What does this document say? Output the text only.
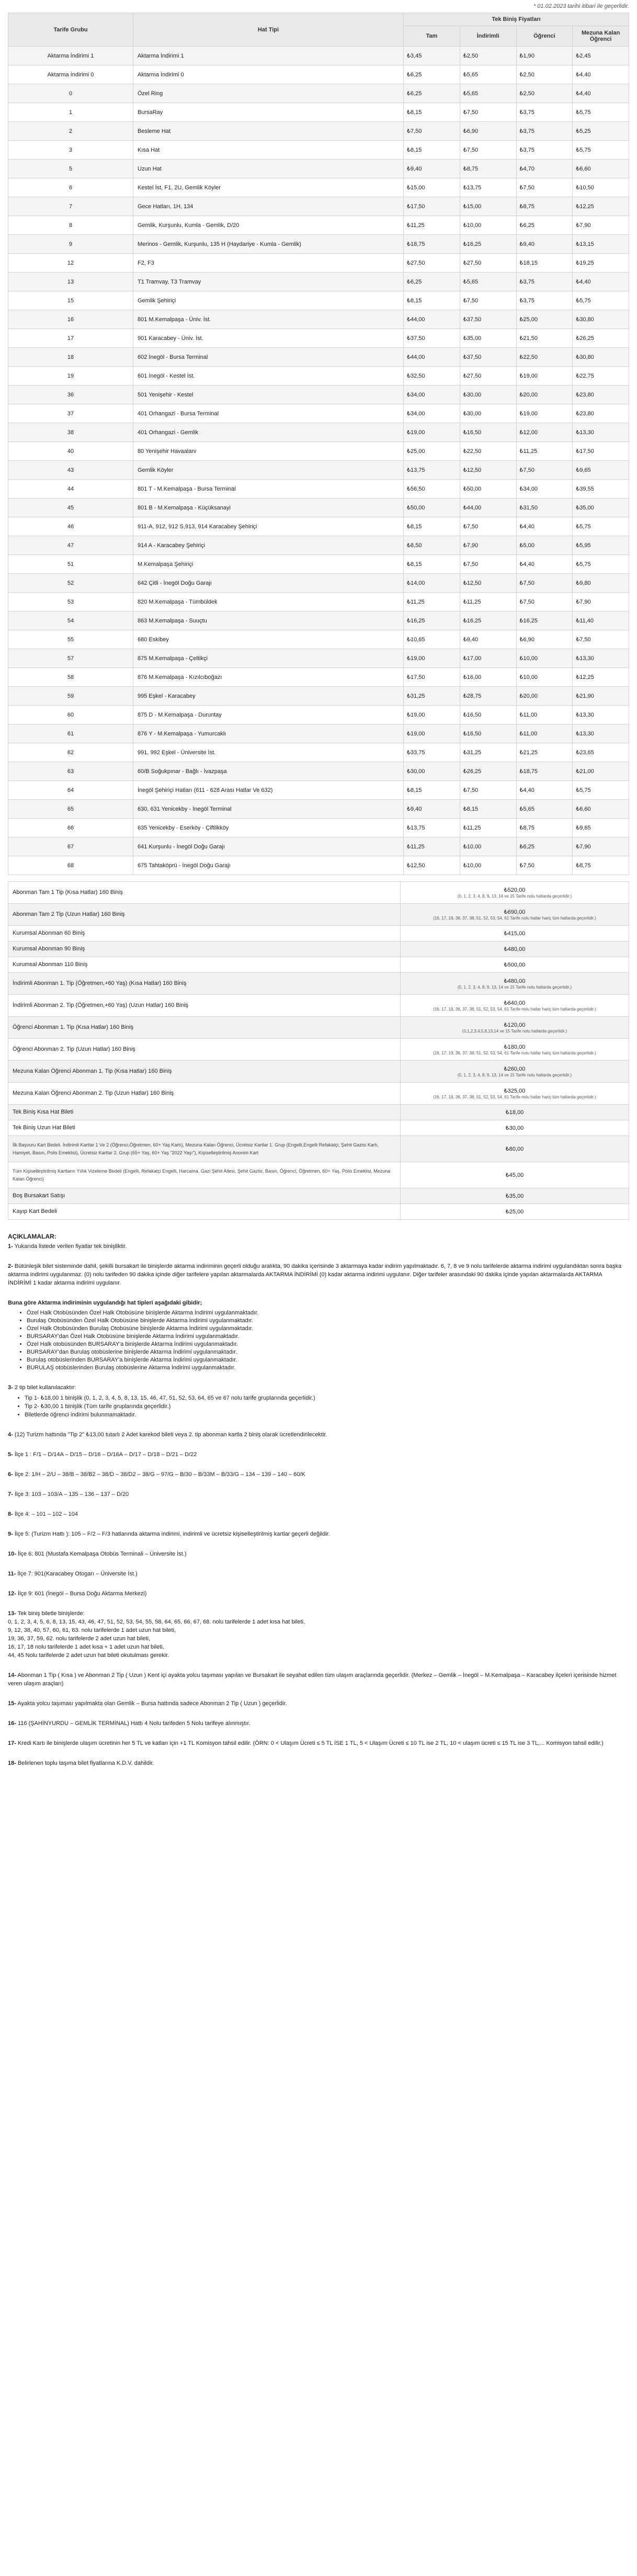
* 01.02.2023 tarihi itibari ile geçerlidir.
Tarife Grubu	Hat Tipi	Tek Biniş Fiyatları			
		Tam	İndirimli	Öğrenci	Mezuna Kalan Öğrenci
Aktarma İndirimi 1	Aktarma İndirimi 1	₺3,45	₺2,50	₺1,90	₺2,45
Aktarma İndirimi 0	Aktarma İndirimi 0	₺6,25	₺5,65	₺2,50	₺4,40
0	Özel Ring	₺6,25	₺5,65	₺2,50	₺4,40
1	BursaRay	₺8,15	₺7,50	₺3,75	₺5,75
2	Besleme Hat	₺7,50	₺6,90	₺3,75	₺5,25
3	Kısa Hat	₺8,15	₺7,50	₺3,75	₺5,75
5	Uzun Hat	₺9,40	₺8,75	₺4,70	₺6,60
6	Kestel İst, F1, 2U, Gemlik Köyler	₺15,00	₺13,75	₺7,50	₺10,50
7	Gece Hatları, 1H, 134	₺17,50	₺15,00	₺8,75	₺12,25
8	Gemlik, Kurşunlu, Kumla - Gemlik, D/20	₺11,25	₺10,00	₺6,25	₺7,90
9	Merinos - Gemlik, Kurşunlu, 135 H (Haydariye - Kumla - Gemlik)	₺18,75	₺16,25	₺9,40	₺13,15
12	F2, F3	₺27,50	₺27,50	₺18,15	₺19,25
13	T1 Tramvay, T3 Tramvay	₺6,25	₺5,65	₺3,75	₺4,40
15	Gemlik Şehiriçi	₺8,15	₺7,50	₺3,75	₺5,75
16	801 M.Kemalpaşa - Üniv. İst.	₺44,00	₺37,50	₺25,00	₺30,80
17	901 Karacabey - Üniv. İst.	₺37,50	₺35,00	₺21,50	₺26,25
18	602 İnegöl - Bursa Terminal	₺44,00	₺37,50	₺22,50	₺30,80
19	601 İnegöl - Kestel İst.	₺32,50	₺27,50	₺19,00	₺22,75
36	501 Yenişehir - Kestel	₺34,00	₺30,00	₺20,00	₺23,80
37	401 Orhangazi - Bursa Terminal	₺34,00	₺30,00	₺19,00	₺23,80
38	401 Orhangazi - Gemlik	₺19,00	₺16,50	₺12,00	₺13,30
40	80 Yenişehir Havaalanı	₺25,00	₺22,50	₺11,25	₺17,50
43	Gemlik Köyler	₺13,75	₺12,50	₺7,50	₺9,65
44	801 T - M.Kemalpaşa - Bursa Terminal	₺56,50	₺50,00	₺34,00	₺39,55
45	801 B - M.Kemalpaşa - Küçüksanayi	₺50,00	₺44,00	₺31,50	₺35,00
46	911-A, 912, 912 S,913, 914 Karacabey Şehiriçi	₺8,15	₺7,50	₺4,40	₺5,75
47	914 A - Karacabey Şehiriçi	₺8,50	₺7,90	₺5,00	₺5,95
51	M.Kemalpaşa Şehiriçi	₺8,15	₺7,50	₺4,40	₺5,75
52	642 Çitli - İnegöl Doğu Garajı	₺14,00	₺12,50	₺7,50	₺9,80
53	820 M.Kemalpaşa - Tümbüldek	₺11,25	₺11,25	₺7,50	₺7,90
54	863 M.Kemalpaşa - Suuçtu	₺16,25	₺16,25	₺16,25	₺11,40
55	680 Eskibey	₺10,65	₺9,40	₺6,90	₺7,50
57	875 M.Kemalpaşa - Çeltikçi	₺19,00	₺17,00	₺10,00	₺13,30
58	876 M.Kemalpaşa - Kızılcıboğazı	₺17,50	₺16,00	₺10,00	₺12,25
59	995 Eşkel - Karacabey	₺31,25	₺28,75	₺20,00	₺21,90
60	875 D - M.Kemalpaşa - Duruntay	₺19,00	₺16,50	₺11,00	₺13,30
61	876 Y - M.Kemalpaşa - Yumurcaklı	₺19,00	₺16,50	₺11,00	₺13,30
62	991, 992 Eşkel - Üniversite İst.	₺33,75	₺31,25	₺21,25	₺23,65
63	60/B Soğukpınar - Bağlı - İvazpaşa	₺30,00	₺26,25	₺18,75	₺21,00
64	İnegöl Şehiriçi Hatları (611 - 628 Arası Hatlar Ve 632)	₺8,15	₺7,50	₺4,40	₺5,75
65	630, 631 Yenicekby - İnegöl Terminal	₺9,40	₺8,15	₺5,65	₺6,60
66	635 Yenicekby - Eserköy - Çiftlikköy	₺13,75	₺11,25	₺8,75	₺9,65
67	641 Kurşunlu - İnegöl Doğu Garajı	₺11,25	₺10,00	₺6,25	₺7,90
68	675 Tahtaköprü - İnegöl Doğu Garajı	₺12,50	₺10,00	₺7,50	₺8,75
Abonman Tam 1 Tip (Kısa Hatlar) 160 Biniş	₺520,00
(0, 1, 2, 3, 4, 8, 9, 13, 14 ve 15 Tarife nolu hatlarda geçerlidir.)

Abonman Tam 2 Tip (Uzun Hatlar) 160 Biniş	₺690,00
(16, 17, 19, 36, 37, 38, 51, 52, 53, 54, 61 Tarife nolu hatlar hariç tüm hatlarda geçerlidir.)

Kurumsal Abonman 60 Biniş	₺415,00
Kurumsal Abonman 90 Biniş	₺480,00
Kurumsal Abonman 110 Biniş	₺500,00
İndirimli Abonman 1. Tip (Öğretmen,+60 Yaş) (Kısa Hatlar) 160 Biniş	₺480,00
(0, 1, 2, 3, 4, 8, 9, 13, 14 ve 15 Tarife nolu hatlarda geçerlidir.)

İndirimli Abonman 2. Tip (Öğretmen,+60 Yaş) (Uzun Hatlar) 160 Biniş	₺640,00
(16, 17, 19, 36, 37, 38, 51, 52, 53, 54, 61 Tarife nolu hatlar hariç tüm hatlarda geçerlidir.)

Öğrenci Abonman 1. Tip (Kısa Hatlar) 160 Biniş	₺120,00
(0,1,2,3,4,5,8,13,14 ve 15 Tarife nolu hatlarda geçerlidir.)

Öğrenci Abonman 2. Tip (Uzun Hatlar) 160 Biniş	₺180,00
(16, 17, 19, 36, 37, 38, 51, 52, 53, 54, 61 Tarife nolu hatlar hariç tüm hatlarda geçerlidir.)

Mezuna Kalan Öğrenci Abonman 1. Tip (Kısa Hatlar) 160 Biniş	₺260,00
(0, 1, 2, 3, 4, 8, 9, 13, 14 ve 15 Tarife nolu hatlarda geçerlidir.)

Mezuna Kalan Öğrenci Abonman 2. Tip (Uzun Hatlar) 160 Biniş	₺325,00
(16, 17, 19, 36, 37, 38, 51, 52, 53, 54, 61 Tarife nolu hatlar hariç tüm hatlarda geçerlidir.)

Tek Biniş Kısa Hat Bileti	₺18,00
Tek Biniş Uzun Hat Bileti	₺30,00
İlk Başvuru Kart Bedeli. İndirimli Kartlar 1 Ve 2 (Öğrenci,Öğretmen, 60+ Yaş Kartı), Mezuna Kalan Öğrenci, Ücretsiz Kartlar 1. Grup (Engelli,Engelli Refakatçi, Şehit Gazisi Kartı, Hamiyet, Basın, Polis Emeklisi), Ücretsiz Kartlar 2. Grup (65+ Yaş, 60+ Yaş "2022 Yaşı"), Kişiselleştirilmiş Anonim Kart	₺80,00
Tüm Kişiselleştirilmiş Kartların Yıllık Vizeleme Bedeli (Engelli, Refakatçi Engelli, Harcama, Gazi Şehit Ailesi, Şehit Gazisi, Basın, Öğrenci, Öğretmen, 60+ Yaş, Polis Emeklisi, Mezuna Kalan Öğrenci)	₺45,00
Boş Bursakart Satışı	₺35,00
Kayıp Kart Bedeli	₺25,00
AÇIKLAMALAR:

1- Yukarıda listede verilen fiyatlar tek binişliktir.

2- Bütünleşik bilet sisteminde dahil, şekilli bursakart ile binişlerde aktarma indiriminin geçerli olduğu aralıkta, 90 dakika içerisinde 3 aktarmaya kadar indirim yapılmaktadır. 6, 7, 8 ve 9 nolu tarifelerde aktarma indirimi uygulandıktan sonra başka aktarma indirimi uygulanmaz. (0) nolu tarifeden 90 dakika içinde diğer tarifelere yapılan aktarmalarda AKTARMA İNDİRİMİ (0) kadar aktarma indirimi uygulanır. Diğer tarifeler arasındaki 90 dakika içinde yapılan aktarmalarda AKTARMA İNDİRİMİ 1 kadar aktarma indirimi uygulanır.

Buna göre Aktarma indiriminin uygulandığı hat tipleri aşağıdaki gibidir;
• Özel Halk Otobüsünden Özel Halk Otobüsüne binişlerde Aktarma İndirimi uygulanmaktadır.
• Burulaş Otobüsünden Özel Halk Otobüsüne binişlerde Aktarma İndirimi uygulanmaktadır.
• Özel Halk Otobüsünden Burulaş Otobüsüne binişlerde Aktarma İndirimi uygulanmaktadır.
• BURSARAY'dan Özel Halk Otobüsüne binişlerde Aktarma İndirimi uygulanmaktadır.
• Özel Halk otobüsünden BURSARAY'a binişlerde Aktarma İndirimi uygulanmaktadır.
• BURSARAY'dan Burulaş otobüslerine binişlerde Aktarma İndirimi uygulanmaktadır.
• Burulaş otobüslerinden BURSARAY'a binişlerde Aktarma İndirimi uygulanmaktadır.
• BURULAŞ otobüslerinden Burulaş otobüslerine Aktarma İndirimi uygulanmaktadır.
3- 2 tip bilet kullanılacaktır:
• Tip 1- ₺18,00 1 binişlik (0, 1, 2, 3, 4, 5, 8, 13, 15, 46, 47, 51, 52, 53, 64, 65 ve 67 nolu tarife gruplarında geçerlidir.)
• Tip 2- ₺30,00 1 binişlik (Tüm tarife gruplarında geçerlidir.)
• Biletlerde öğrenci indirimi bulunmamaktadır.

4- (12) Turizm hattında "Tip 2" ₺13,00 tutarlı 2 Adet karekod bileti veya 2. tip abonman kartla 2 biniş olarak ücretlendirilecektir.

5- İlçe 1 : F/1 – D/14A – D/15 – D/16 – D/16A – D/17 – D/18 – D/21 – D/22

6- İlçe 2: 1/H – 2/U – 38/B – 38/B2 – 38/D – 38/D2 – 38/G – 97/G – B/30 – B/33M – B/33/G – 134 – 139 – 140 – 60/K

7- İlçe 3: 103 – 103/A – 135 – 136 – 137 – D/20

8- İlçe 4: – 101 – 102 – 104

9- İlçe 5: (Turizm Hattı ): 105 – F/2 – F/3 hatlarında aktarma indirimi, indirimli ve ücretsiz kişiselleştirilmiş kartlar geçerli değildir.

10- İlçe 6: 801 (Mustafa Kemalpaşa Otobüs Terminali – Üniversite İst.)

11- İlçe 7: 901(Karacabey Otogarı – Üniversite İst.)

12- İlçe 9: 601 (İnegöl – Bursa Doğu Aktarma Merkezi)

13- Tek biniş biletle binişlerde:
0, 1, 2, 3, 4, 5, 6, 8, 13, 15, 43, 46, 47, 51, 52, 53, 54, 55, 58, 64, 65, 66, 67, 68. nolu tarifelerde 1 adet kısa hat bileti,
9, 12, 38, 40, 57, 60, 61, 63. nolu tarifelerde 1 adet uzun hat bileti,
19, 36, 37, 59, 62. nolu tarifelerde 2 adet uzun hat bileti,
16, 17, 18 nolu tarifelerde 1 adet kısa + 1 adet uzun hat bileti,
44, 45 Nolu tarifelerde 2 adet uzun hat bileti okutulması gerekir.

14- Abonman 1 Tip ( Kısa ) ve Abonman 2 Tip ( Uzun ) Kent içi ayakta yolcu taşıması yapılan ve Bursakart ile seyahat edilen tüm ulaşım araçlarında geçerlidir. (Merkez – Gemlik – İnegöl – M.Kemalpaşa – Karacabey ilçeleri içerisinde hizmet veren ulaşım araçları)

15- Ayakta yolcu taşıması yapılmakta olan Gemlik – Bursa hattında sadece Abonman 2 Tip ( Uzun ) geçerlidir.

16- 116 (ŞAHİNYURDU – GEMLİK TERMİNAL) Hattı 4 Nolu tarifeden 5 Nolu tarifeye alınmıştır.

17- Kredi Kartı ile binişlerde ulaşım ücretinin her 5 TL ve katları için +1 TL Komisyon tahsil edilir. (ÖRN: 0 < Ulaşım Ücreti ≤ 5 TL İSE 1 TL, 5 < Ulaşım Ücreti ≤ 10 TL ise 2 TL, 10 < ulaşım ücreti ≤ 15 TL ise 3 TL,... Komisyon tahsil edilir.)

18- Belirlenen toplu taşıma bilet fiyatlarına K.D.V. dahildir.
